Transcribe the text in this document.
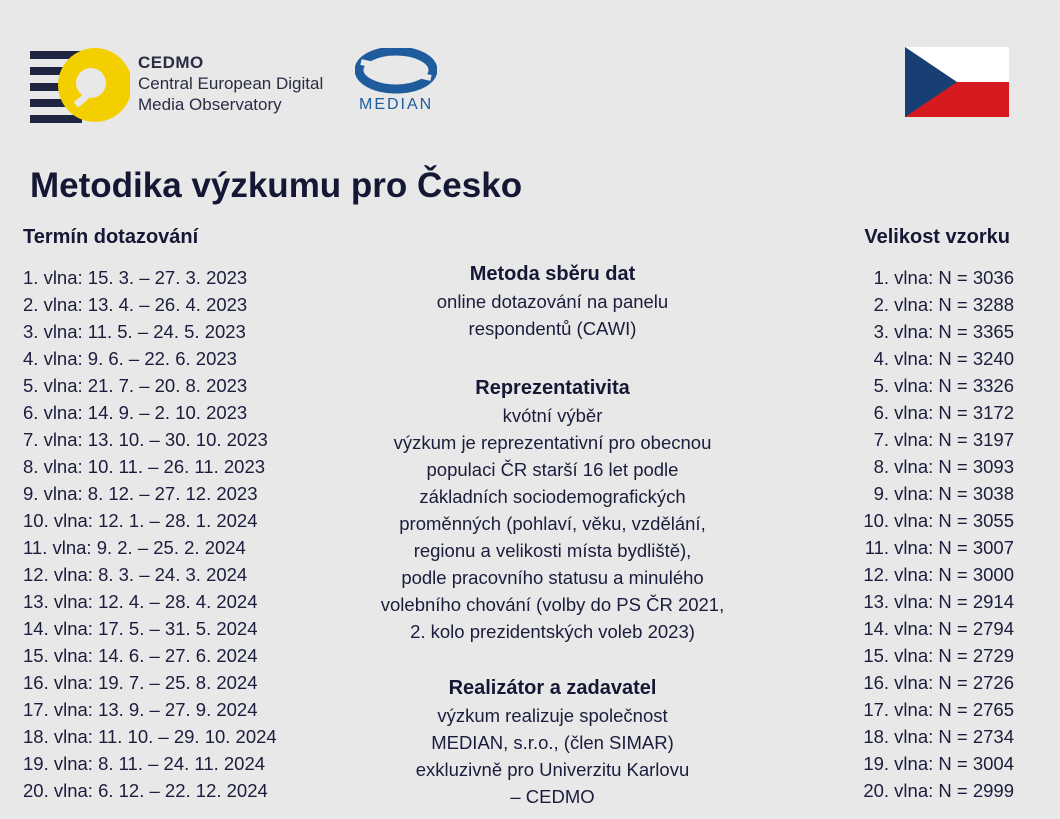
CEDMO
Central European Digital
Media Observatory	MEDIAN
Metodika výzkumu pro Česko
Termín dotazování	Velikost vzorku
1. vlna: 15. 3. – 27. 3. 2023
2. vlna: 13. 4. – 26. 4. 2023
3. vlna: 11. 5. – 24. 5. 2023
4. vlna: 9. 6. – 22. 6. 2023
5. vlna: 21. 7. – 20. 8. 2023
6. vlna: 14. 9. – 2. 10. 2023
7. vlna: 13. 10. – 30. 10. 2023
8. vlna: 10. 11. – 26. 11. 2023
9. vlna: 8. 12. – 27. 12. 2023
10. vlna: 12. 1. – 28. 1. 2024
11. vlna: 9. 2. – 25. 2. 2024
12. vlna: 8. 3. – 24. 3. 2024
13. vlna: 12. 4. – 28. 4. 2024
14. vlna: 17. 5. – 31. 5. 2024
15. vlna: 14. 6. – 27. 6. 2024
16. vlna: 19. 7. – 25. 8. 2024
17. vlna: 13. 9. – 27. 9. 2024
18. vlna: 11. 10. – 29. 10. 2024
19. vlna: 8. 11. – 24. 11. 2024
20. vlna: 6. 12. – 22. 12. 2024
1. vlna: N = 3036
2. vlna: N = 3288
3. vlna: N = 3365
4. vlna: N = 3240
5. vlna: N = 3326
6. vlna: N = 3172
7. vlna: N = 3197
8. vlna: N = 3093
9. vlna: N = 3038
10. vlna: N = 3055
11. vlna: N = 3007
12. vlna: N = 3000
13. vlna: N = 2914
14. vlna: N = 2794
15. vlna: N = 2729
16. vlna: N = 2726
17. vlna: N = 2765
18. vlna: N = 2734
19. vlna: N = 3004
20. vlna: N = 2999
Metoda sběru dat

online dotazování na panelu

respondentů (CAWI)

Reprezentativita

kvótní výběr

výzkum je reprezentativní pro obecnou

populaci ČR starší 16 let podle

základních sociodemografických

proměnných (pohlaví, věku, vzdělání,

regionu a velikosti místa bydliště),

podle pracovního statusu a minulého

volebního chování (volby do PS ČR 2021,

2. kolo prezidentských voleb 2023)

Realizátor a zadavatel

výzkum realizuje společnost

MEDIAN, s.r.o., (člen SIMAR)

exkluzivně pro Univerzitu Karlovu

– CEDMO
